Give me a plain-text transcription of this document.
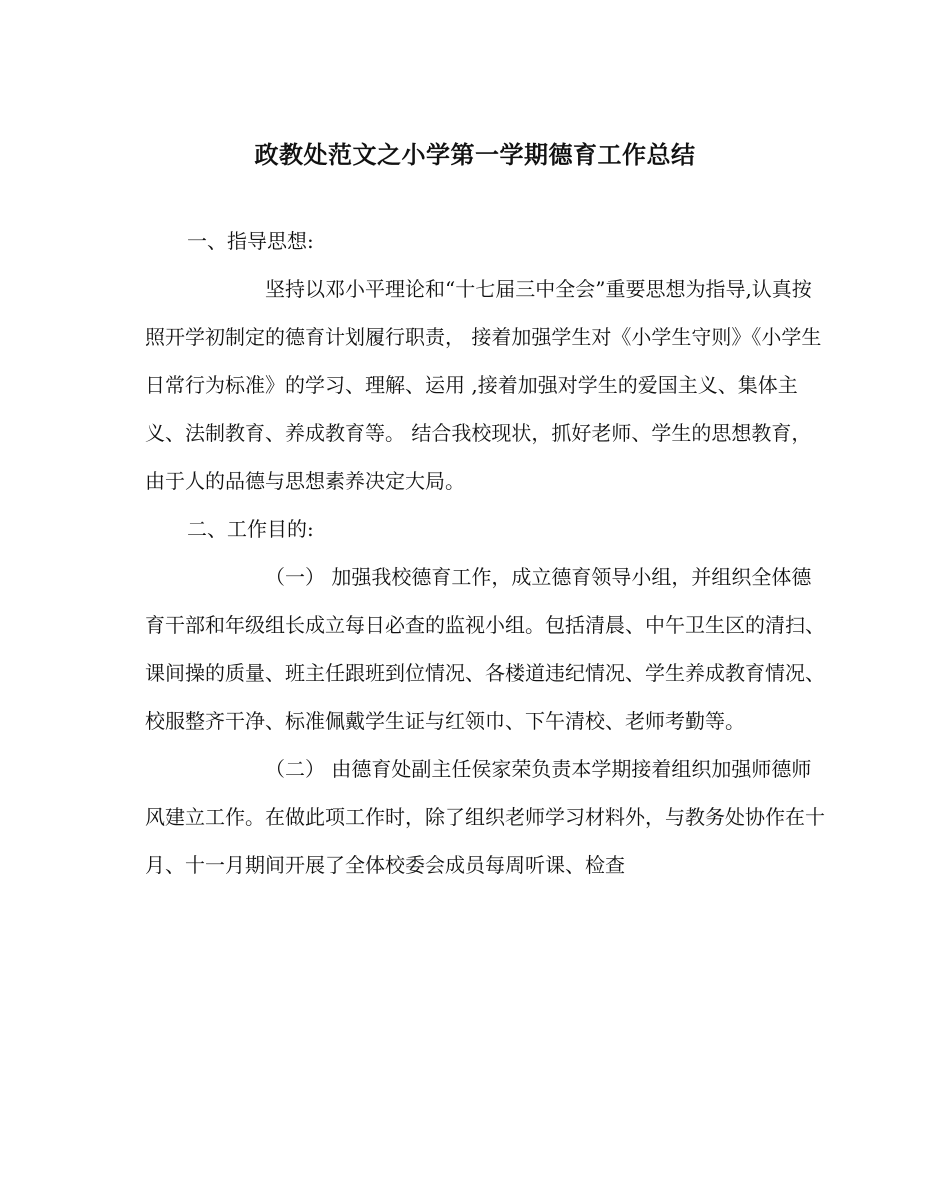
政教处范文之小学第一学期德育工作总结

一、指导思想:

坚持以邓小平理论和“十七届三中全会”重要思想为指导,认真按照开学初制定的德育计划履行职责， 接着加强学生对《小学生守则》《小学生日常行为标准》的学习、理解、运用 ,接着加强对学生的爱国主义、集体主义、法制教育、养成教育等。 结合我校现状，抓好老师、学生的思想教育，由于人的品德与思想素养决定大局。

二、工作目的:

（一） 加强我校德育工作，成立德育领导小组，并组织全体德育干部和年级组长成立每日必查的监视小组。包括清晨、中午卫生区的清扫、课间操的质量、班主任跟班到位情况、各楼道违纪情况、学生养成教育情况、校服整齐干净、标准佩戴学生证与红领巾、下午清校、老师考勤等。

（二） 由德育处副主任侯家荣负责本学期接着组织加强师德师风建立工作。在做此项工作时，除了组织老师学习材料外，与教务处协作在十月、十一月期间开展了全体校委会成员每周听课、检查
